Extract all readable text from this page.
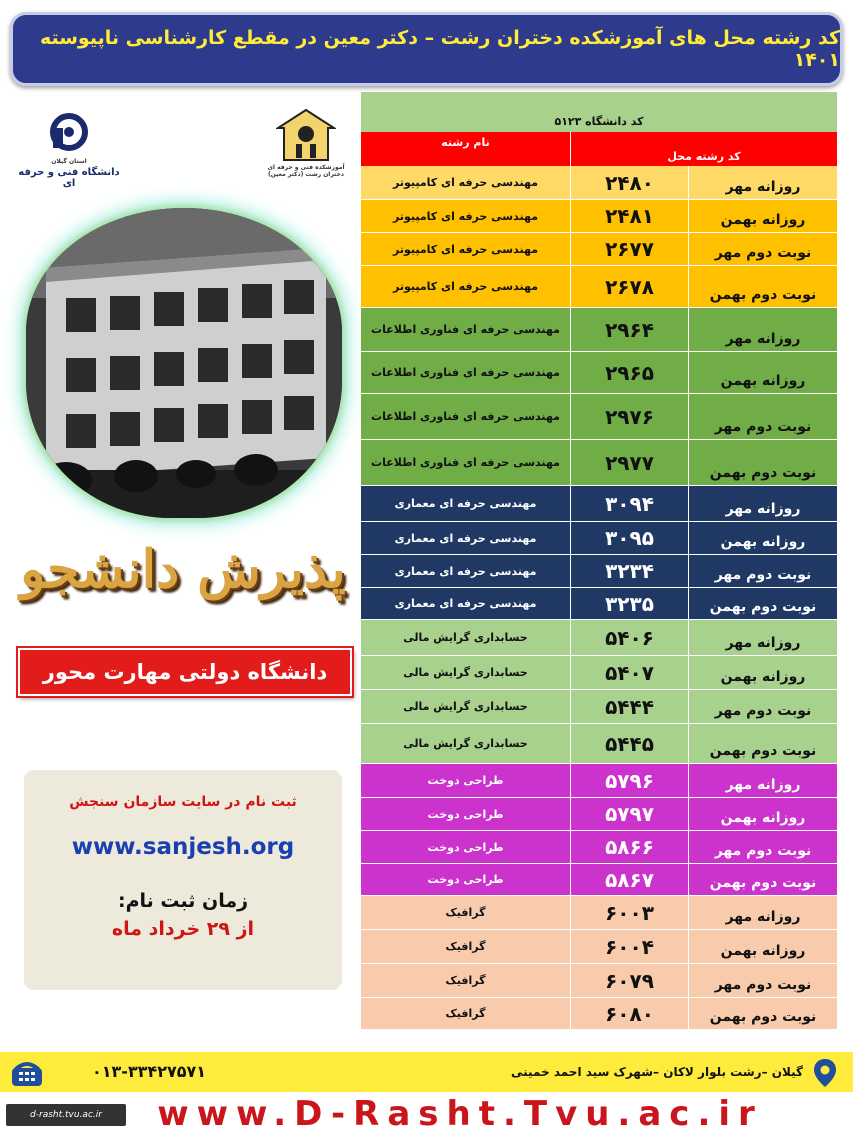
کد رشته محل های آموزشکده دختران رشت – دکتر معین در مقطع کارشناسی ناپیوسته ۱۴۰۱
استان گیلان
دانشگاه فنی و حرفه ای
آموزشکده فنی و حرفه ای دختران رشت (دکتر معین)
پذیرش دانشجو
دانشگاه دولتی مهارت محور
ثبت نام در سایت سازمان سنجش
www.sanjesh.org
زمان ثبت نام:
از ۲۹ خرداد ماه
کد دانشگاه ۵۱۲۳
نام رشته
کد رشته محل
مهندسی حرفه ای کامپیوتر	۲۴۸۰	روزانه مهر
مهندسی حرفه ای کامپیوتر	۲۴۸۱	روزانه بهمن
مهندسی حرفه ای کامپیوتر	۲۶۷۷	نوبت دوم مهر
مهندسی حرفه ای کامپیوتر	۲۶۷۸	نوبت دوم بهمن
مهندسی حرفه ای فناوری اطلاعات	۲۹۶۴	روزانه مهر
مهندسی حرفه ای فناوری اطلاعات	۲۹۶۵	روزانه بهمن
مهندسی حرفه ای فناوری اطلاعات	۲۹۷۶	نوبت دوم مهر
مهندسی حرفه ای فناوری اطلاعات	۲۹۷۷	نوبت دوم بهمن
مهندسی حرفه ای معماری	۳۰۹۴	روزانه مهر
مهندسی حرفه ای معماری	۳۰۹۵	روزانه بهمن
مهندسی حرفه ای معماری	۳۲۳۴	نوبت دوم مهر
مهندسی حرفه ای معماری	۳۲۳۵	نوبت دوم بهمن
حسابداری گرایش مالی	۵۴۰۶	روزانه مهر
حسابداری گرایش مالی	۵۴۰۷	روزانه بهمن
حسابداری گرایش مالی	۵۴۴۴	نوبت دوم مهر
حسابداری گرایش مالی	۵۴۴۵	نوبت دوم بهمن
طراحی دوخت	۵۷۹۶	روزانه مهر
طراحی دوخت	۵۷۹۷	روزانه بهمن
طراحی دوخت	۵۸۶۶	نوبت دوم مهر
طراحی دوخت	۵۸۶۷	نوبت دوم بهمن
گرافیک	۶۰۰۳	روزانه مهر
گرافیک	۶۰۰۴	روزانه بهمن
گرافیک	۶۰۷۹	نوبت دوم مهر
گرافیک	۶۰۸۰	نوبت دوم بهمن
۰۱۳-۳۳۴۲۷۵۷۱	گیلان –رشت بلوار لاکان –شهرک سید احمد خمینی
d-rasht.tvu.ac.ir	www.D-Rasht.Tvu.ac.ir
